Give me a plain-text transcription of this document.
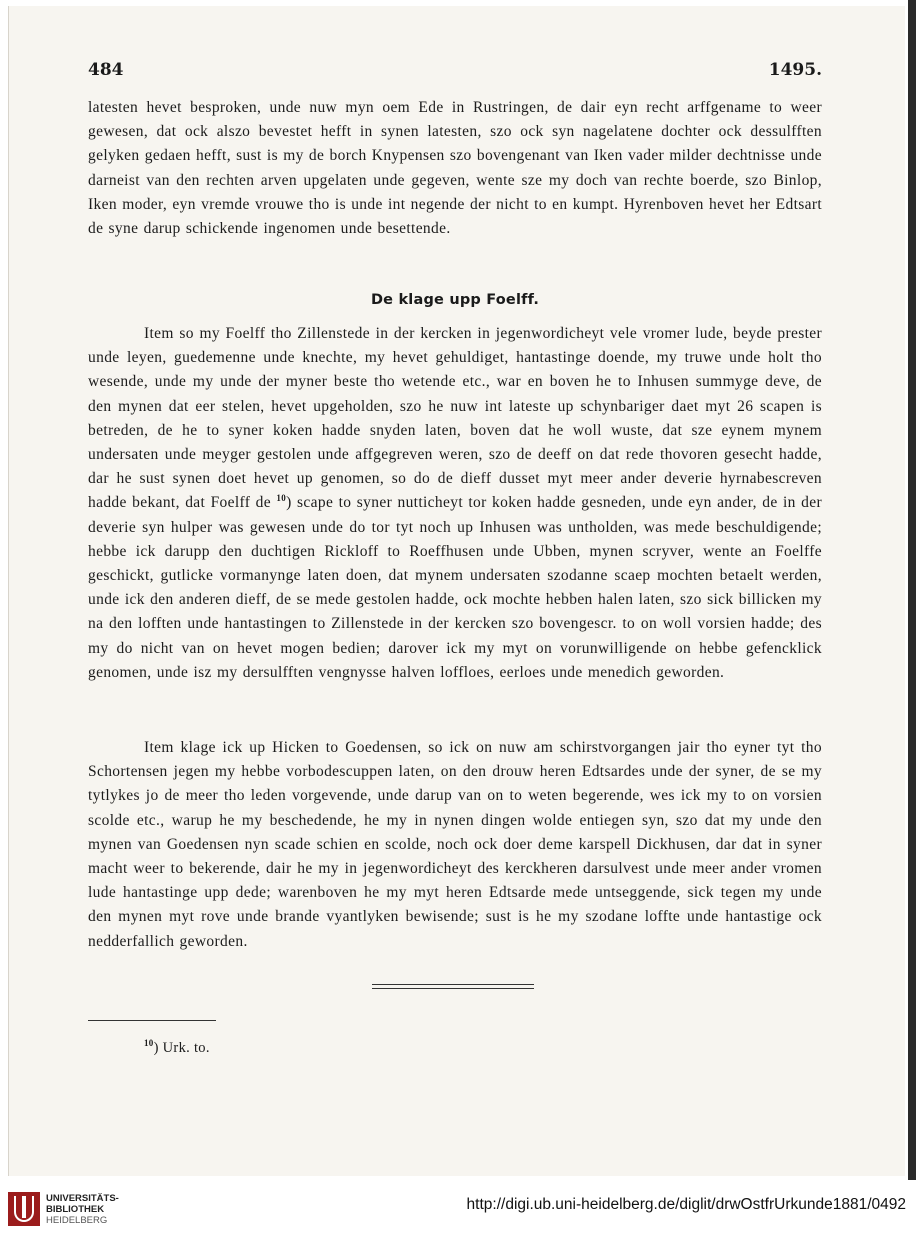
484	1495.
latesten hevet besproken, unde nuw myn oem Ede in Rustringen, de dair eyn recht arffgename to weer gewesen, dat ock alszo bevestet hefft in synen latesten, szo ock syn nagelatene dochter ock dessulfften gelyken gedaen hefft, sust is my de borch Knypensen szo bovengenant van Iken vader milder dechtnisse unde darneist van den rechten arven upgelaten unde gegeven, wente sze my doch van rechte boerde, szo Binlop, Iken moder, eyn vremde vrouwe tho is unde int negende der nicht to en kumpt. Hyrenboven hevet her Edtsart de syne darup schickende ingenomen unde besettende.
De klage upp Foelff.
Item so my Foelff tho Zillenstede in der kercken in jegenwordicheyt vele vromer lude, beyde prester unde leyen, guedemenne unde knechte, my hevet gehuldiget, hantastinge doende, my truwe unde holt tho wesende, unde my unde der myner beste tho wetende etc., war en boven he to Inhusen summyge deve, de den mynen dat eer stelen, hevet upgeholden, szo he nuw int lateste up schynbariger daet myt 26 scapen is betreden, de he to syner koken hadde snyden laten, boven dat he woll wuste, dat sze eynem mynem undersaten unde meyger gestolen unde affgegreven weren, szo de deeff on dat rede thovoren gesecht hadde, dar he sust synen doet hevet up genomen, so do de dieff dusset myt meer ander deverie hyrnabescreven hadde bekant, dat Foelff de $^{10}$) scape to syner nutticheyt tor koken hadde gesneden, unde eyn ander, de in der deverie syn hulper was gewesen unde do tor tyt noch up Inhusen was untholden, was mede beschuldigende; hebbe ick darupp den duchtigen Rickloff to Roeffhusen unde Ubben, mynen scryver, wente an Foelffe geschickt, gutlicke vormanynge laten doen, dat mynem undersaten szodanne scaep mochten betaelt werden, unde ick den anderen dieff, de se mede gestolen hadde, ock mochte hebben halen laten, szo sick billicken my na den lofften unde hantastingen to Zillenstede in der kercken szo bovengescr. to on woll vorsien hadde; des my do nicht van on hevet mogen bedien; darover ick my myt on vorunwilligende on hebbe gefencklick genomen, unde isz my dersulfften vengnysse halven loffloes, eerloes unde menedich geworden.
Item klage ick up Hicken to Goedensen, so ick on nuw am schirstvorgangen jair tho eyner tyt tho Schortensen jegen my hebbe vorbodescuppen laten, on den drouw heren Edtsardes unde der syner, de se my tytlykes jo de meer tho leden vorgevende, unde darup van on to weten begerende, wes ick my to on vorsien scolde etc., warup he my beschedende, he my in nynen dingen wolde entiegen syn, szo dat my unde den mynen van Goedensen nyn scade schien en scolde, noch ock doer deme karspell Dickhusen, dar dat in syner macht weer to bekerende, dair he my in jegenwordicheyt des kerckheren darsulvest unde meer ander vromen lude hantastinge upp dede; warenboven he my myt heren Edtsarde mede untseggende, sick tegen my unde den mynen myt rove unde brande vyantlyken bewisende; sust is he my szodane loffte unde hantastige ock nedderfallich geworden.
$^{10}$) Urk. to.
UNIVERSITÄTS-
BIBLIOTHEK
HEIDELBERG
http://digi.ub.uni-heidelberg.de/diglit/drwOstfrUrkunde1881/0492
